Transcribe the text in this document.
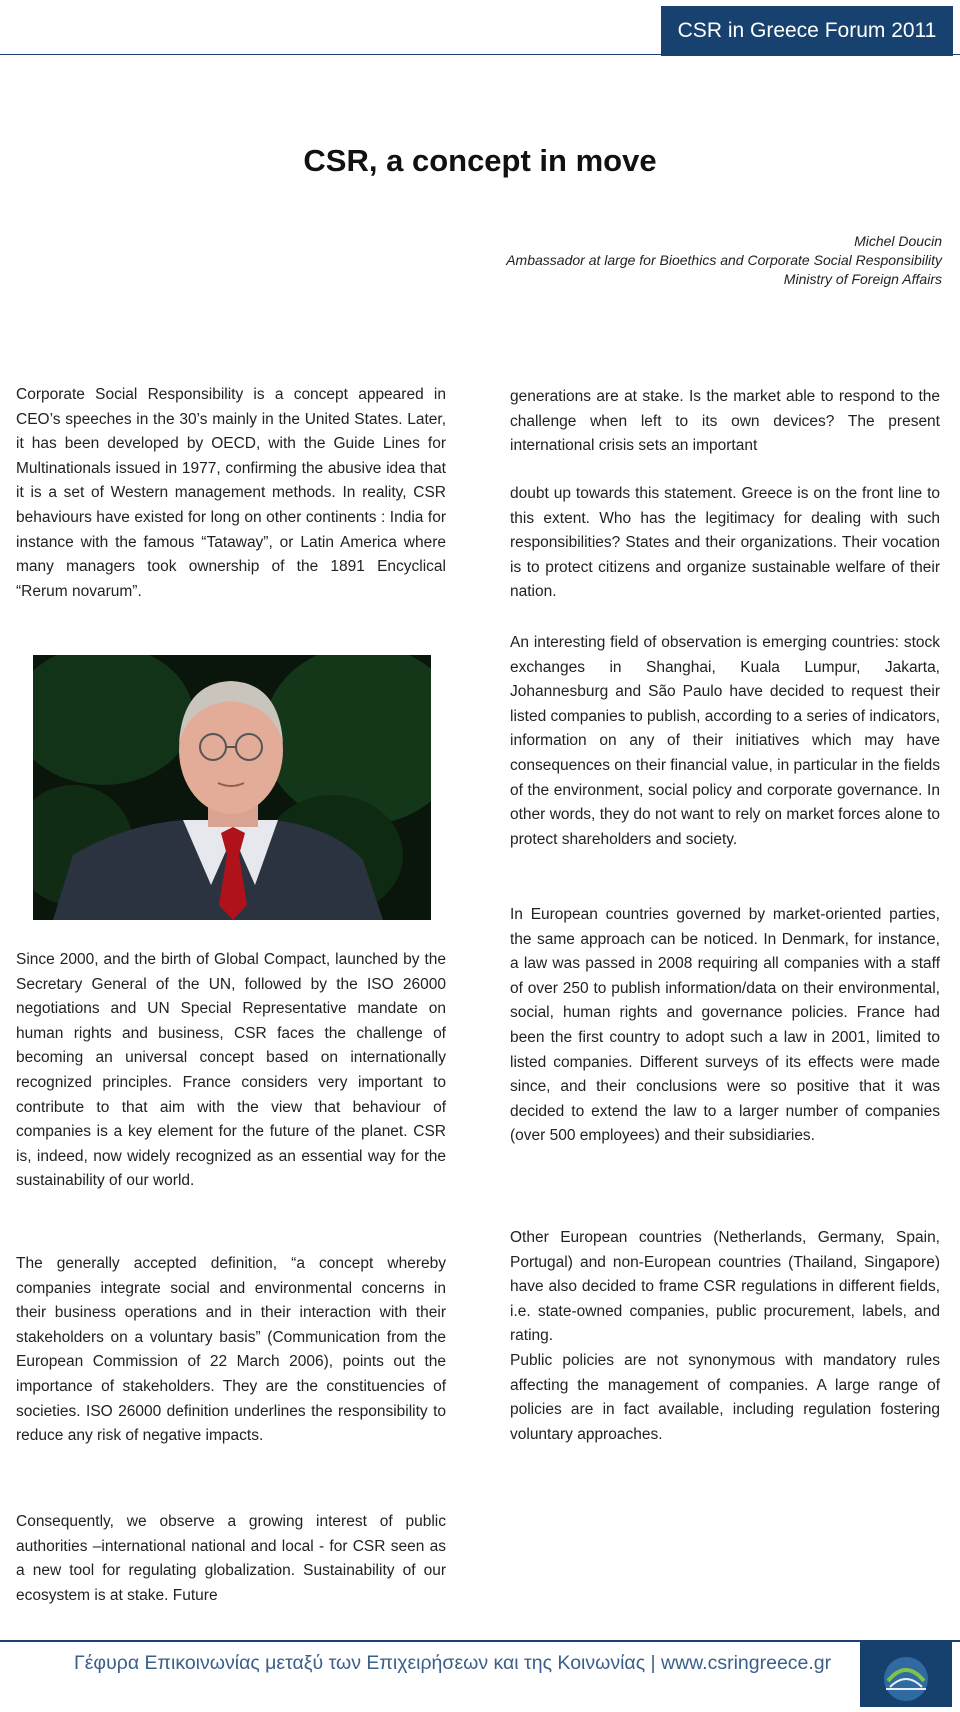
CSR in Greece Forum 2011
CSR, a concept in move
Michel Doucin
Ambassador at large for Bioethics and Corporate Social Responsibility
Ministry of Foreign Affairs

Corporate Social Responsibility is a concept appeared in CEO’s speeches in the 30’s mainly in the United States. Later, it has been developed by OECD, with the Guide Lines for Multinationals issued in 1977, confirming the abusive idea that it is a set of Western management methods. In reality, CSR behaviours have existed for long on other continents : India for instance with the famous “Tataway”, or Latin America where many managers took ownership of the 1891 Encyclical “Rerum novarum”.

Since 2000, and the birth of Global Compact, launched by the Secretary General of the UN, followed by the ISO 26000 negotiations and UN Special Representative mandate on human rights and business, CSR faces the challenge of becoming an universal concept based on internationally recognized principles. France considers very important to contribute to that aim with the view that behaviour of companies is a key element for the future of the planet. CSR is, indeed, now widely recognized as an essential way for the sustainability of our world.

The generally accepted definition, “a concept whereby companies integrate social and environmental concerns in their business operations and in their interaction with their stakeholders on a voluntary basis” (Communication from the European Commission of 22 March 2006), points out the importance of stakeholders. They are the constituencies of societies. ISO 26000 definition underlines the responsibility to reduce any risk of negative impacts.

Consequently, we observe a growing interest of public authorities –international national and local - for CSR seen as a new tool for regulating globalization. Sustainability of our ecosystem is at stake. Future

generations are at stake. Is the market able to respond to the challenge when left to its own devices? The present international crisis sets an important

doubt up towards this statement. Greece is on the front line to this extent. Who has the legitimacy for dealing with such responsibilities? States and their organizations. Their vocation is to protect citizens and organize sustainable welfare of their nation.

An interesting field of observation is emerging countries: stock exchanges in Shanghai, Kuala Lumpur, Jakarta, Johannesburg and São Paulo have decided to request their listed companies to publish, according to a series of indicators, information on any of their initiatives which may have consequences on their financial value, in particular in the fields of the environment, social policy and corporate governance. In other words, they do not want to rely on market forces alone to protect shareholders and society.

In European countries governed by market-oriented parties, the same approach can be noticed. In Denmark, for instance, a law was passed in 2008 requiring all companies with a staff of over 250 to publish information/data on their environmental, social, human rights and governance policies. France had been the first country to adopt such a law in 2001, limited to listed companies. Different surveys of its effects were made since, and their conclusions were so positive that it was decided to extend the law to a larger number of companies (over 500 employees) and their subsidiaries.

Other European countries (Netherlands, Germany, Spain, Portugal) and non-European countries (Thailand, Singapore) have also decided to frame CSR regulations in different fields, i.e. state-owned companies, public procurement, labels, and rating.

Public policies are not synonymous with mandatory rules affecting the management of companies. A large range of policies are in fact available, including regulation fostering voluntary approaches.

Γέφυρα Επικοινωνίας μεταξύ των Επιχειρήσεων και της Κοινωνίας | www.csringreece.gr
